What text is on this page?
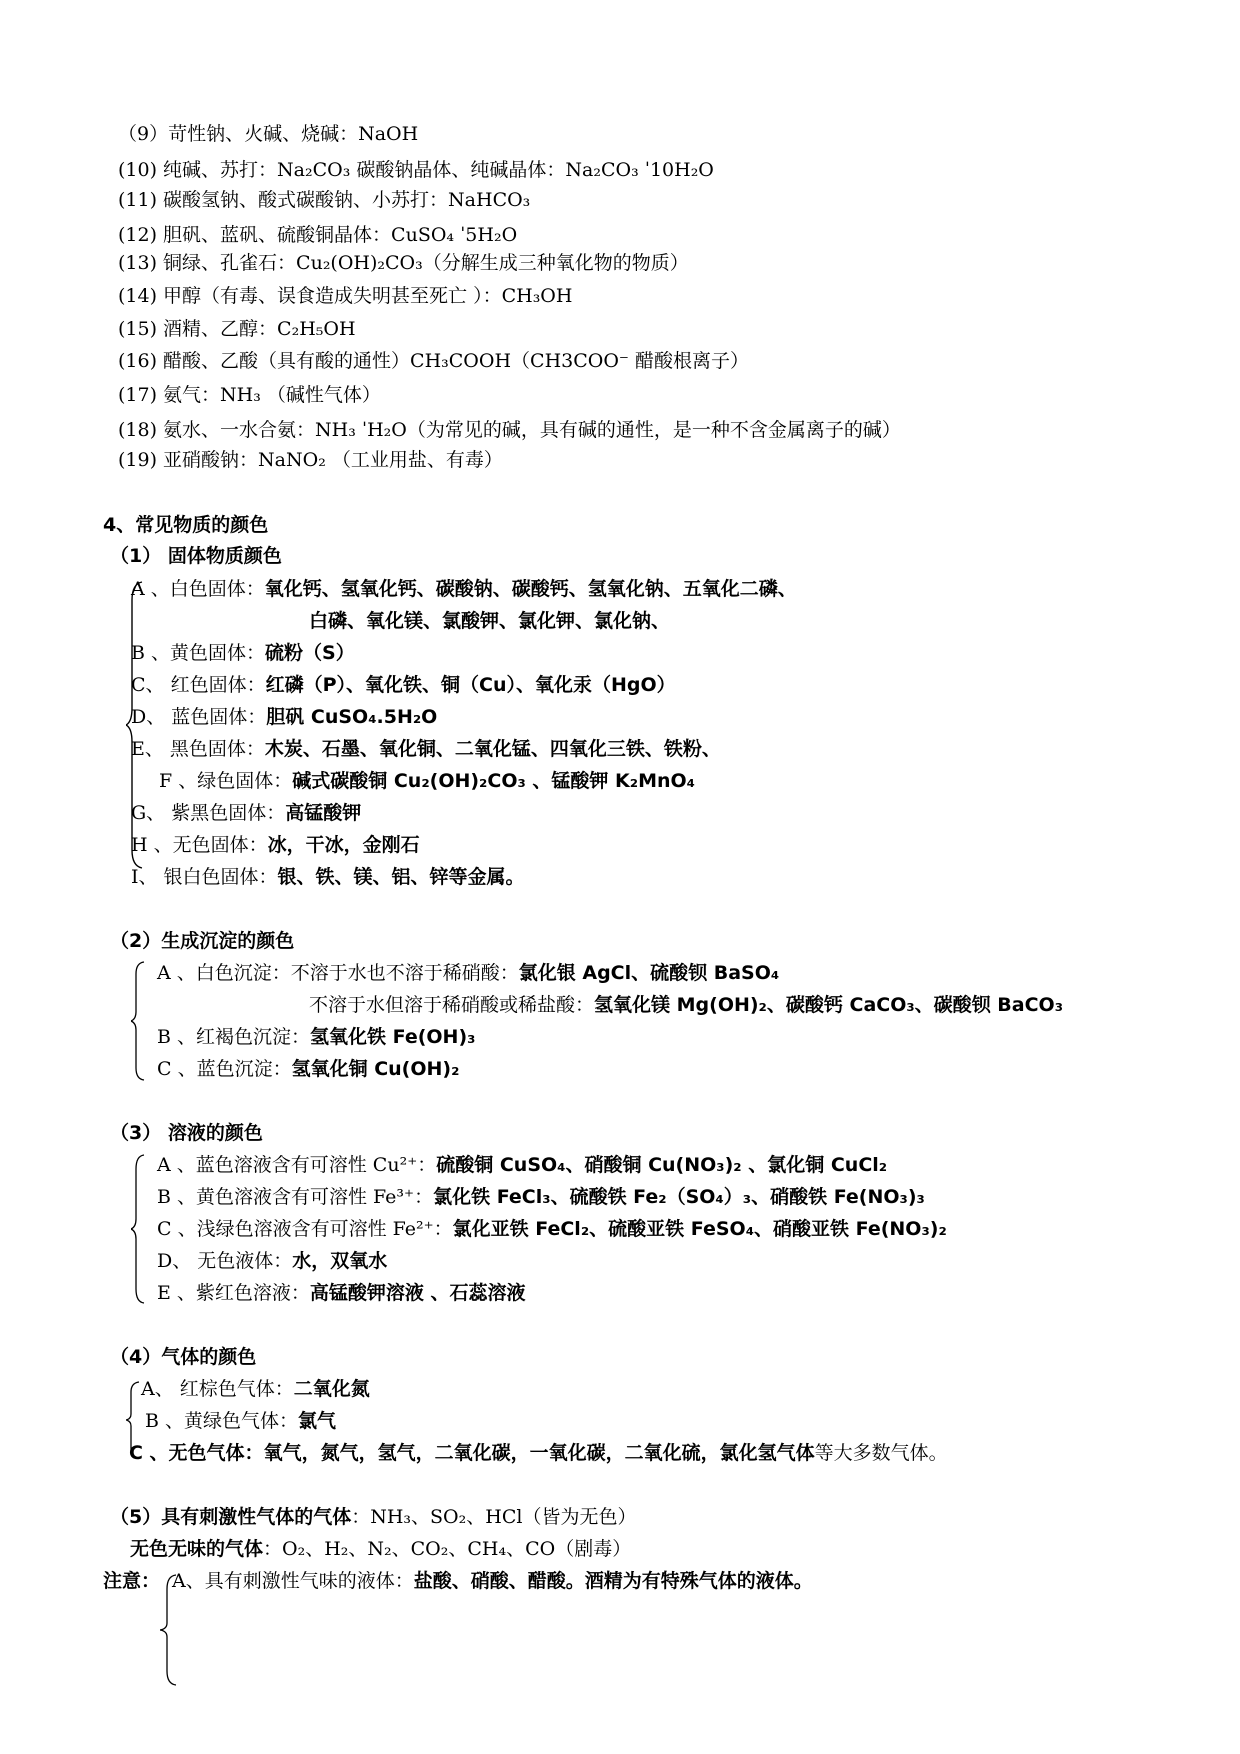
（9）苛性钠、火碱、烧碱：NaOH
(10) 纯碱、苏打：Na₂CO₃ 碳酸钠晶体、纯碱晶体：Na₂CO₃ ˈ10H₂O
(11) 碳酸氢钠、酸式碳酸钠、小苏打：NaHCO₃
(12) 胆矾、蓝矾、硫酸铜晶体：CuSO₄ ˈ5H₂O
(13) 铜绿、孔雀石：Cu₂(OH)₂CO₃（分解生成三种氧化物的物质）
(14) 甲醇（有毒、误食造成失明甚至死亡 ）：CH₃OH
(15) 酒精、乙醇：C₂H₅OH
(16) 醋酸、乙酸（具有酸的通性）CH₃COOH（CH3COO⁻ 醋酸根离子）
(17) 氨气：NH₃ （碱性气体）
(18) 氨水、一水合氨：NH₃ ˈH₂O（为常见的碱，具有碱的通性，是一种不含金属离子的碱）
(19) 亚硝酸钠：NaNO₂ （工业用盐、有毒）
4、常见物质的颜色
（1） 固体物质颜色
A 、白色固体：氧化钙、氢氧化钙、碳酸钠、碳酸钙、氢氧化钠、五氧化二磷、
白磷、氧化镁、氯酸钾、氯化钾、氯化钠、
B 、黄色固体：硫粉（S）
C、 红色固体：红磷（P）、氧化铁、铜（Cu）、氧化汞（HgO）
D、 蓝色固体：胆矾 CuSO₄.5H₂O
E、 黑色固体：木炭、石墨、氧化铜、二氧化锰、四氧化三铁、铁粉、
F 、绿色固体：碱式碳酸铜 Cu₂(OH)₂CO₃ 、锰酸钾 K₂MnO₄
G、 紫黑色固体：高锰酸钾
H 、无色固体：冰，干冰，金刚石
I、 银白色固体：银、铁、镁、铝、锌等金属。
（2）生成沉淀的颜色
A 、白色沉淀：不溶于水也不溶于稀硝酸：氯化银 AgCl、硫酸钡 BaSO₄
不溶于水但溶于稀硝酸或稀盐酸：氢氧化镁 Mg(OH)₂、碳酸钙 CaCO₃、碳酸钡 BaCO₃
B 、红褐色沉淀：氢氧化铁 Fe(OH)₃
C 、蓝色沉淀：氢氧化铜 Cu(OH)₂
（3） 溶液的颜色
A 、蓝色溶液含有可溶性 Cu²⁺：硫酸铜 CuSO₄、硝酸铜 Cu(NO₃)₂ 、氯化铜 CuCl₂
B 、黄色溶液含有可溶性 Fe³⁺：氯化铁 FeCl₃、硫酸铁 Fe₂（SO₄）₃、硝酸铁 Fe(NO₃)₃
C 、浅绿色溶液含有可溶性 Fe²⁺：氯化亚铁 FeCl₂、硫酸亚铁 FeSO₄、硝酸亚铁 Fe(NO₃)₂
D、 无色液体：水，双氧水
E 、紫红色溶液：高锰酸钾溶液 、石蕊溶液
（4）气体的颜色
A、 红棕色气体：二氧化氮
B 、黄绿色气体：氯气
C 、无色气体：氧气，氮气，氢气，二氧化碳，一氧化碳，二氧化硫，氯化氢气体等大多数气体。
（5）具有刺激性气体的气体：NH₃、SO₂、HCl（皆为无色）
无色无味的气体：O₂、H₂、N₂、CO₂、CH₄、CO（剧毒）
注意： A、具有刺激性气味的液体：盐酸、硝酸、醋酸。酒精为有特殊气体的液体。
